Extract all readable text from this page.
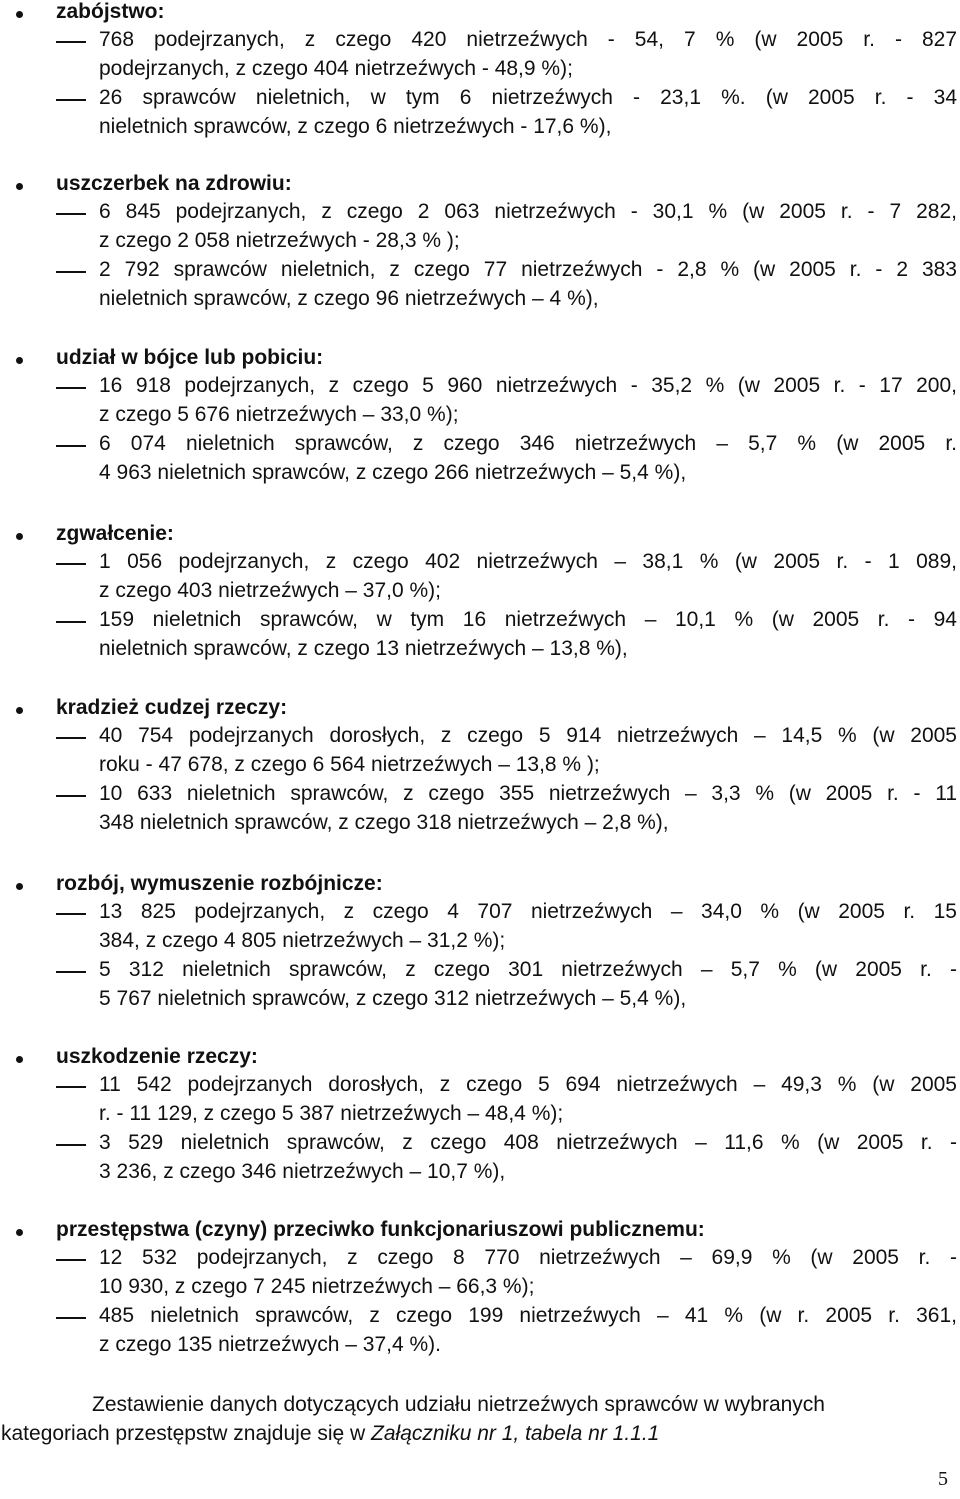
zabójstwo:
768 podejrzanych, z czego 420 nietrzeźwych - 54, 7 % (w 2005 r. - 827
podejrzanych, z czego 404 nietrzeźwych - 48,9 %);
26 sprawców nieletnich, w tym 6 nietrzeźwych - 23,1 %. (w 2005 r. - 34
nieletnich sprawców, z czego 6 nietrzeźwych - 17,6 %),
uszczerbek na zdrowiu:
6 845 podejrzanych, z czego 2 063 nietrzeźwych - 30,1 % (w 2005 r. - 7 282,
z czego 2 058 nietrzeźwych - 28,3 % );
2 792 sprawców nieletnich, z czego 77 nietrzeźwych - 2,8 % (w 2005 r. - 2 383
nieletnich sprawców, z czego 96 nietrzeźwych – 4 %),
udział w bójce lub pobiciu:
16 918 podejrzanych, z czego 5 960 nietrzeźwych - 35,2 % (w 2005 r. - 17 200,
z czego 5 676 nietrzeźwych – 33,0 %);
6 074 nieletnich sprawców, z czego 346 nietrzeźwych – 5,7 % (w 2005 r.
4 963 nieletnich sprawców, z czego 266 nietrzeźwych – 5,4 %),
zgwałcenie:
1 056 podejrzanych, z czego 402 nietrzeźwych – 38,1 % (w 2005 r. - 1 089,
z czego 403 nietrzeźwych – 37,0 %);
159 nieletnich sprawców, w tym 16 nietrzeźwych – 10,1 % (w 2005 r. - 94
nieletnich sprawców, z czego 13 nietrzeźwych – 13,8 %),
kradzież cudzej rzeczy:
40 754 podejrzanych dorosłych, z czego 5 914 nietrzeźwych – 14,5 % (w 2005
roku - 47 678, z czego 6 564 nietrzeźwych – 13,8 % );
10 633 nieletnich sprawców, z czego 355 nietrzeźwych – 3,3 % (w 2005 r. - 11
348 nieletnich sprawców, z czego 318 nietrzeźwych – 2,8 %),
rozbój, wymuszenie rozbójnicze:
13 825 podejrzanych, z czego 4 707 nietrzeźwych – 34,0 % (w 2005 r. 15
384, z czego 4 805 nietrzeźwych – 31,2 %);
5 312 nieletnich sprawców, z czego 301 nietrzeźwych – 5,7 % (w 2005 r. -
5 767 nieletnich sprawców, z czego 312 nietrzeźwych – 5,4 %),
uszkodzenie rzeczy:
11 542 podejrzanych dorosłych, z czego 5 694 nietrzeźwych – 49,3 % (w 2005
r. - 11 129, z czego 5 387 nietrzeźwych – 48,4 %);
3 529 nieletnich sprawców, z czego 408 nietrzeźwych – 11,6 % (w 2005 r. -
3 236, z czego 346 nietrzeźwych – 10,7 %),
przestępstwa (czyny) przeciwko funkcjonariuszowi publicznemu:
12 532 podejrzanych, z czego 8 770 nietrzeźwych – 69,9 % (w 2005 r. -
10 930, z czego 7 245 nietrzeźwych – 66,3 %);
485 nieletnich sprawców, z czego 199 nietrzeźwych – 41 % (w r. 2005 r. 361,
z czego 135 nietrzeźwych – 37,4 %).
Zestawienie danych dotyczących udziału nietrzeźwych sprawców w wybranych
kategoriach przestępstw znajduje się w Załączniku nr 1, tabela nr 1.1.1
5
